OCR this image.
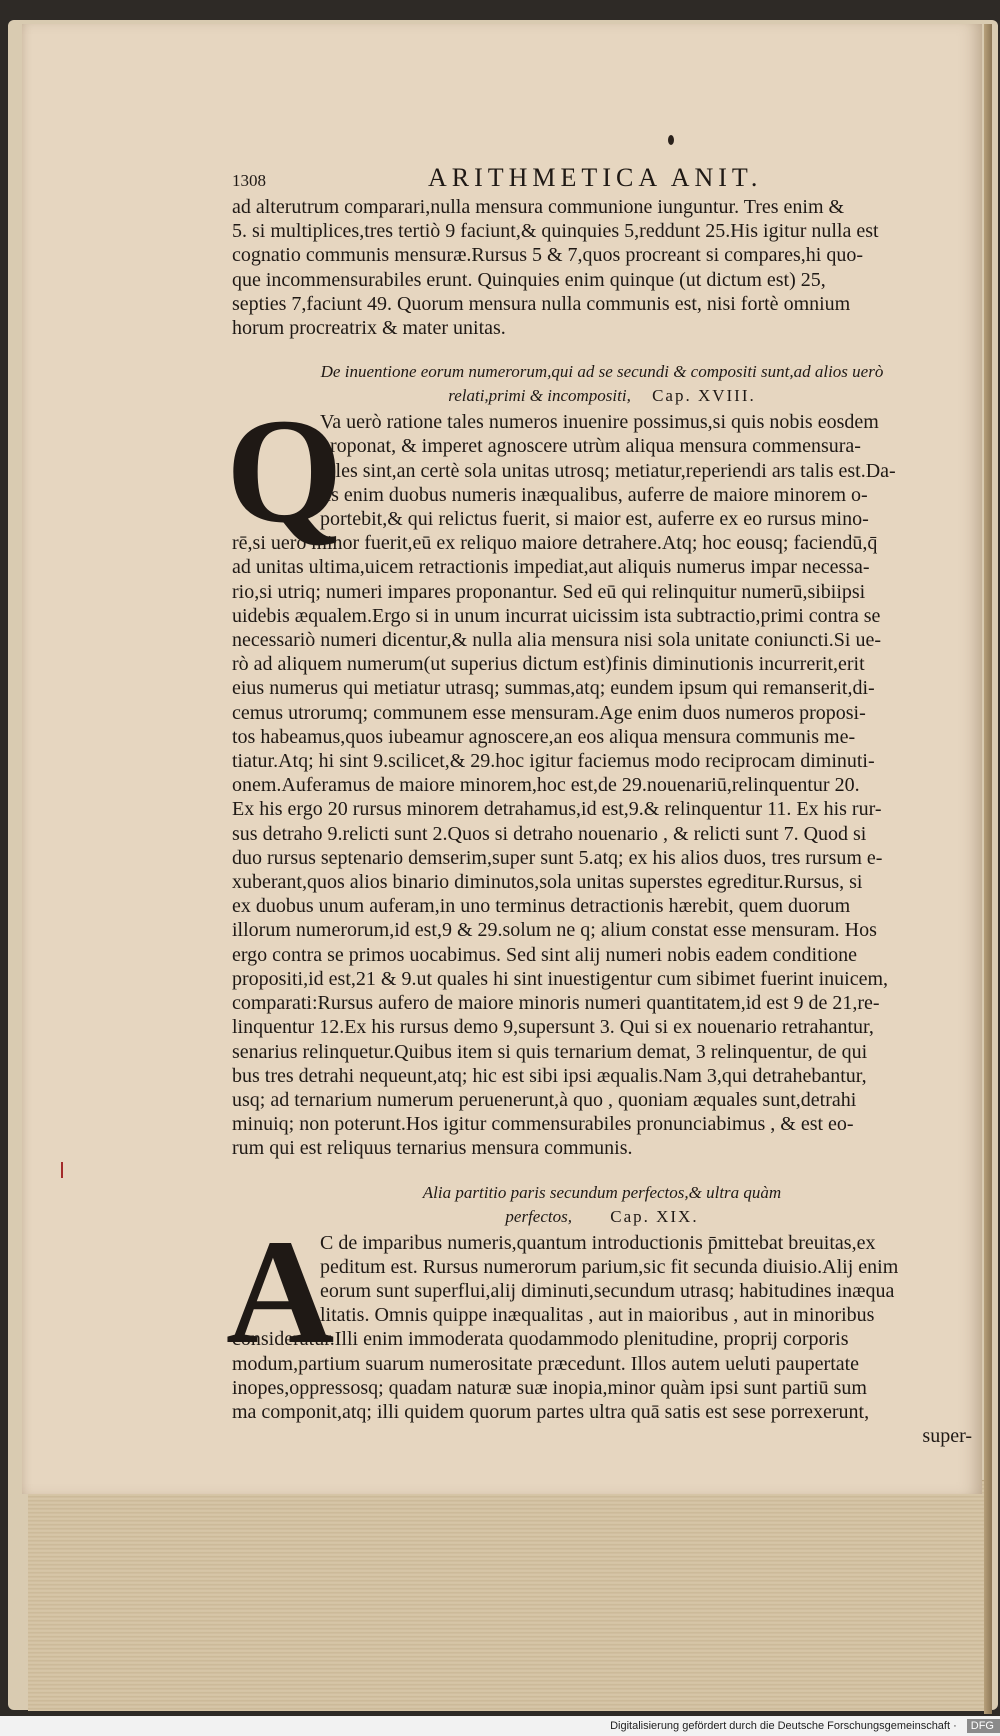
1308	ARITHMETICA ANIT.
ad alterutrum comparari,nulla mensura communione iunguntur. Tres enim &
5. si multiplices,tres tertiò 9 faciunt,& quinquies 5,reddunt 25.His igitur nulla est
cognatio communis mensuræ.Rursus 5 & 7,quos procreant si compares,hi quo-
que incommensurabiles erunt. Quinquies enim quinque (ut dictum est) 25,
septies 7,faciunt 49. Quorum mensura nulla communis est, nisi fortè omnium
horum procreatrix & mater unitas.
De inuentione eorum numerorum,qui ad se secundi & compositi sunt,ad alios uerò
relati,primi & incompositi, Cap. XVIII.
Q
Va uerò ratione tales numeros inuenire possimus,si quis nobis eosdem
proponat, & imperet agnoscere utrùm aliqua mensura commensura-
biles sint,an certè sola unitas utrosq; metiatur,reperiendi ars talis est.Da-
tis enim duobus numeris inæqualibus, auferre de maiore minorem o-
portebit,& qui relictus fuerit, si maior est, auferre ex eo rursus mino-
rē,si uero minor fuerit,eū ex reliquo maiore detrahere.Atq; hoc eousq; faciendū,q̄
ad unitas ultima,uicem retractionis impediat,aut aliquis numerus impar necessa-
rio,si utriq; numeri impares proponantur. Sed eū qui relinquitur numerū,sibiipsi
uidebis æqualem.Ergo si in unum incurrat uicissim ista subtractio,primi contra se
necessariò numeri dicentur,& nulla alia mensura nisi sola unitate coniuncti.Si ue-
rò ad aliquem numerum(ut superius dictum est)finis diminutionis incurrerit,erit
eius numerus qui metiatur utrasq; summas,atq; eundem ipsum qui remanserit,di-
cemus utrorumq; communem esse mensuram.Age enim duos numeros proposi-
tos habeamus,quos iubeamur agnoscere,an eos aliqua mensura communis me-
tiatur.Atq; hi sint 9.scilicet,& 29.hoc igitur faciemus modo reciprocam diminuti-
onem.Auferamus de maiore minorem,hoc est,de 29.nouenariū,relinquentur 20.
Ex his ergo 20 rursus minorem detrahamus,id est,9.& relinquentur 11. Ex his rur-
sus detraho 9.relicti sunt 2.Quos si detraho nouenario , & relicti sunt 7. Quod si
duo rursus septenario demserim,super sunt 5.atq; ex his alios duos, tres rursum e-
xuberant,quos alios binario diminutos,sola unitas superstes egreditur.Rursus, si
ex duobus unum auferam,in uno terminus detractionis hærebit, quem duorum
illorum numerorum,id est,9 & 29.solum ne q; alium constat esse mensuram. Hos
ergo contra se primos uocabimus. Sed sint alij numeri nobis eadem conditione
propositi,id est,21 & 9.ut quales hi sint inuestigentur cum sibimet fuerint inuicem,
comparati:Rursus aufero de maiore minoris numeri quantitatem,id est 9 de 21,re-
linquentur 12.Ex his rursus demo 9,supersunt 3. Qui si ex nouenario retrahantur,
senarius relinquetur.Quibus item si quis ternarium demat, 3 relinquentur, de qui
bus tres detrahi nequeunt,atq; hic est sibi ipsi æqualis.Nam 3,qui detrahebantur,
usq; ad ternarium numerum peruenerunt,à quo , quoniam æquales sunt,detrahi
minuiq; non poterunt.Hos igitur commensurabiles pronunciabimus , & est eo-
rum qui est reliquus ternarius mensura communis.
Alia partitio paris secundum perfectos,& ultra quàm
perfectos, Cap. XIX.
A
C de imparibus numeris,quantum introductionis p̄mittebat breuitas,ex
peditum est. Rursus numerorum parium,sic fit secunda diuisio.Alij enim
eorum sunt superflui,alij diminuti,secundum utrasq; habitudines inæqua
litatis. Omnis quippe inæqualitas , aut in maioribus , aut in minoribus
consideratur.Illi enim immoderata quodammodo plenitudine, proprij corporis
modum,partium suarum numerositate præcedunt. Illos autem ueluti paupertate
inopes,oppressosq; quadam naturæ suæ inopia,minor quàm ipsi sunt partiū sum
ma componit,atq; illi quidem quorum partes ultra quā satis est sese porrexerunt,
super-
Digitalisierung gefördert durch die Deutsche Forschungsgemeinschaft · DFG
